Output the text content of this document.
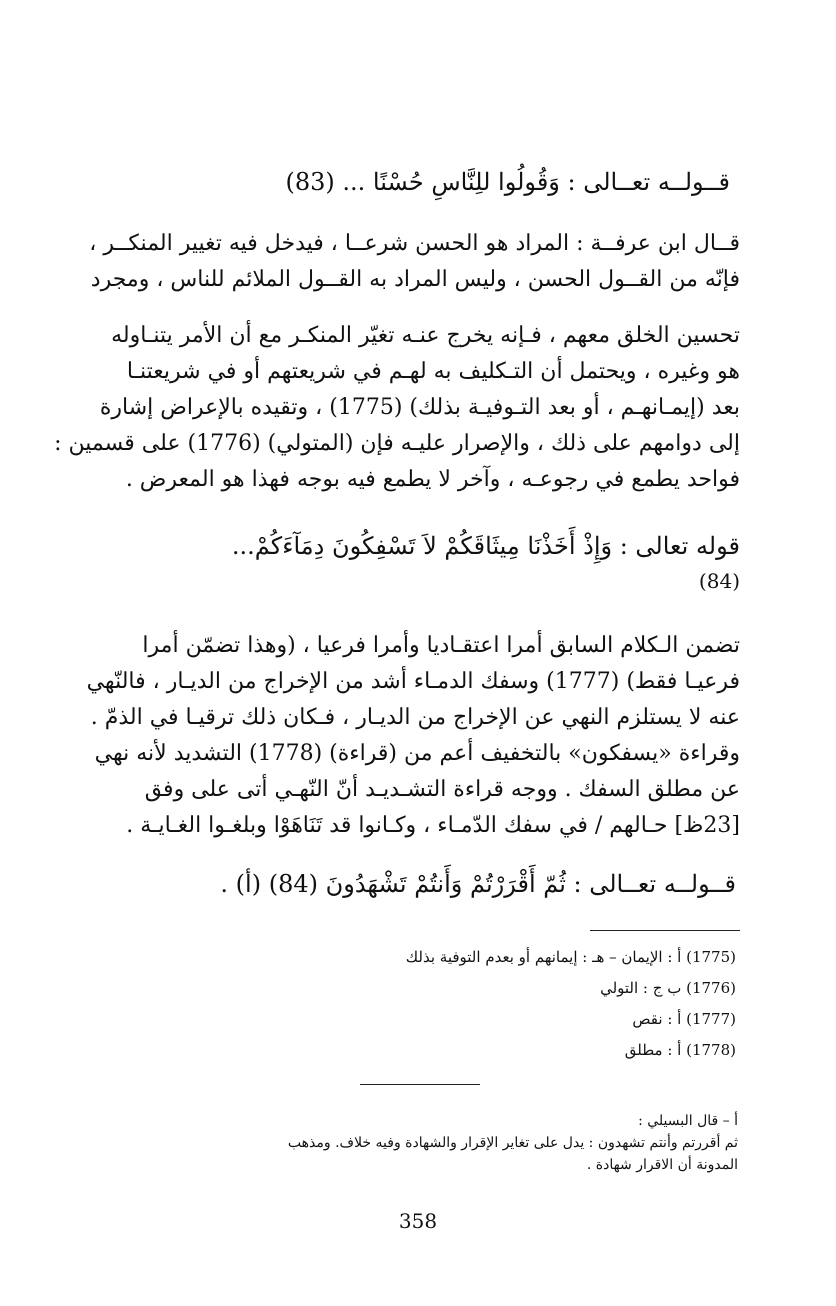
قــولــه تعــالى : وَقُولُوا للِنَّاسِ حُسْنًا ... (83)
قــال ابن عرفــة : المراد هو الحسن شرعــا ، فيدخل فيه تغيير المنكــر ،
فإنّه من القــول الحسن ، وليس المراد به القــول الملائم للناس ، ومجرد
تحسين الخلق معهم ، فـإنه يخرج عنـه تغيّر المنكـر مع أن الأمر يتنـاوله
هو وغيره ، ويحتمل أن التـكليف به لهـم في شريعتهم أو في شريعتنـا
بعد (إيمـانهـم ، أو بعد التـوفيـة بذلك) (1775) ، وتقيده بالإعراض إشارة
إلى دوامهم على ذلك ، والإصرار عليـه فإن (المتولي) (1776) على قسمين :
فواحد يطمع في رجوعـه ، وآخر لا يطمع فيه بوجه فهذا هو المعرض .
قوله تعالى : وَإِذْ أَخَذْنَا مِيثَاقَكُمْ لاَ تَسْفِكُونَ دِمَآءَكُمْ...
(84)
تضمن الـكلام السابق أمرا اعتقـاديا وأمرا فرعيا ، (وهذا تضمّن أمرا
فرعيـا فقط) (1777) وسفك الدمـاء أشد من الإخراج من الديـار ، فالنّهي
عنه لا يستلزم النهي عن الإخراج من الديـار ، فـكان ذلك ترقيـا في الذمّ .
وقراءة «يسفكون» بالتخفيف أعم من (قراءة) (1778) التشديد لأنه نهي
عن مطلق السفك . ووجه قراءة التشـديـد أنّ النّهـي أتى على وفق
[23ظ] حـالهم / في سفك الدّمـاء ، وكـانوا قد تَنَاهَوْا وبلغـوا الغـايـة .
قــولــه تعــالى : ثُمّ أَقْرَرْتُمْ وَأَنتُمْ تَشْهَدُونَ (84) (أ) .
(1775) أ : الإيمان – هـ : إيمانهم أو بعدم التوفية بذلك
(1776) ب ج : التولي
(1777) أ : نقص
(1778) أ : مطلق
أ – قال البسيلي :
ثم أقررتم وأنتم تشهدون : يدل على تغاير الإقرار والشهادة وفيه خلاف. ومذهب
المدونة أن الاقرار شهادة .
358
